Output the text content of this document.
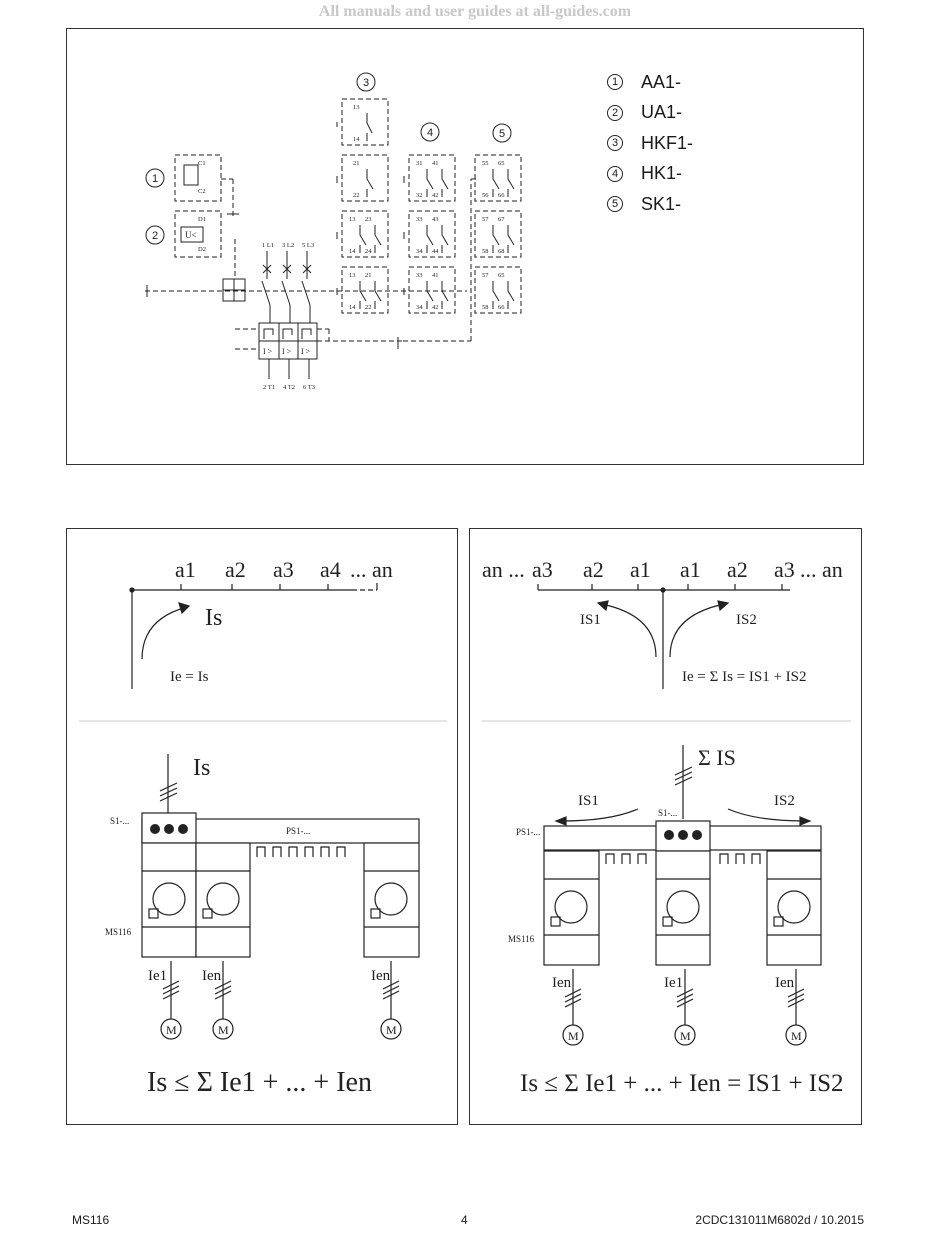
All manuals and user guides at all-guides.com
1 AA1-
2 UA1-
3 HKF1-
4 HK1-
5 SK1-
1
2
3
4	5
C1
C2
D1
D2
U<
1 L1 3 L2 5 L3
2 T1 4 T2 6 T3
I > I > I >
13
14
21
22
13 23
14 24
13 21
14 22
31 41
32 42
33 43
34 44
33 41
34 42
55 65
56 66
57 67
58 68
57 65
58 66
a1 a2 a3 a4 ... an
Is
Ie = Is
Is
S1-...
PS1-...
MS116
Ie1 Ien	Ien
M	M	M
Is ≤ Σ Ie1 + ... + Ien
an ... a3 a2 a1 a1 a2 a3 ... an
IS1	IS2
Ie = Σ Is = IS1 + IS2
Σ IS
S1-...
PS1-...
MS116
IS1	IS2
Ien	Ie1	Ien
M	M	M
Is ≤ Σ Ie1 + ... + Ien = IS1 + IS2
MS116	4	2CDC131011M6802d / 10.2015
